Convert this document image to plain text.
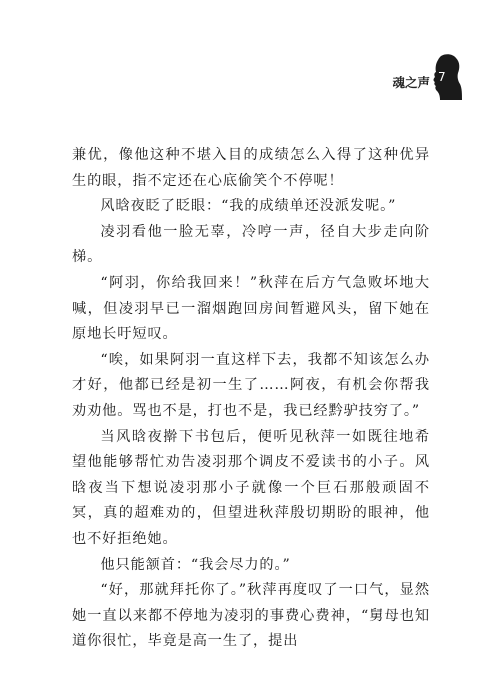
魂之声 7

兼优，像他这种不堪入目的成绩怎么入得了这种优异生的眼，指不定还在心底偷笑个不停呢！

风晗夜眨了眨眼：“我的成绩单还没派发呢。”

凌羽看他一脸无辜，冷哼一声，径自大步走向阶梯。

“阿羽，你给我回来！”秋萍在后方气急败坏地大喊，但凌羽早已一溜烟跑回房间暂避风头，留下她在原地长吁短叹。

“唉，如果阿羽一直这样下去，我都不知该怎么办才好，他都已经是初一生了……阿夜，有机会你帮我劝劝他。骂也不是，打也不是，我已经黔驴技穷了。”

当风晗夜擀下书包后，便听见秋萍一如既往地希望他能够帮忙劝告凌羽那个调皮不爱读书的小子。风晗夜当下想说凌羽那小子就像一个巨石那般顽固不冥，真的超难劝的，但望进秋萍殷切期盼的眼神，他也不好拒绝她。

他只能颔首：“我会尽力的。”

“好，那就拜托你了。”秋萍再度叹了一口气，显然她一直以来都不停地为凌羽的事费心费神，“舅母也知道你很忙，毕竟是高一生了，提出
